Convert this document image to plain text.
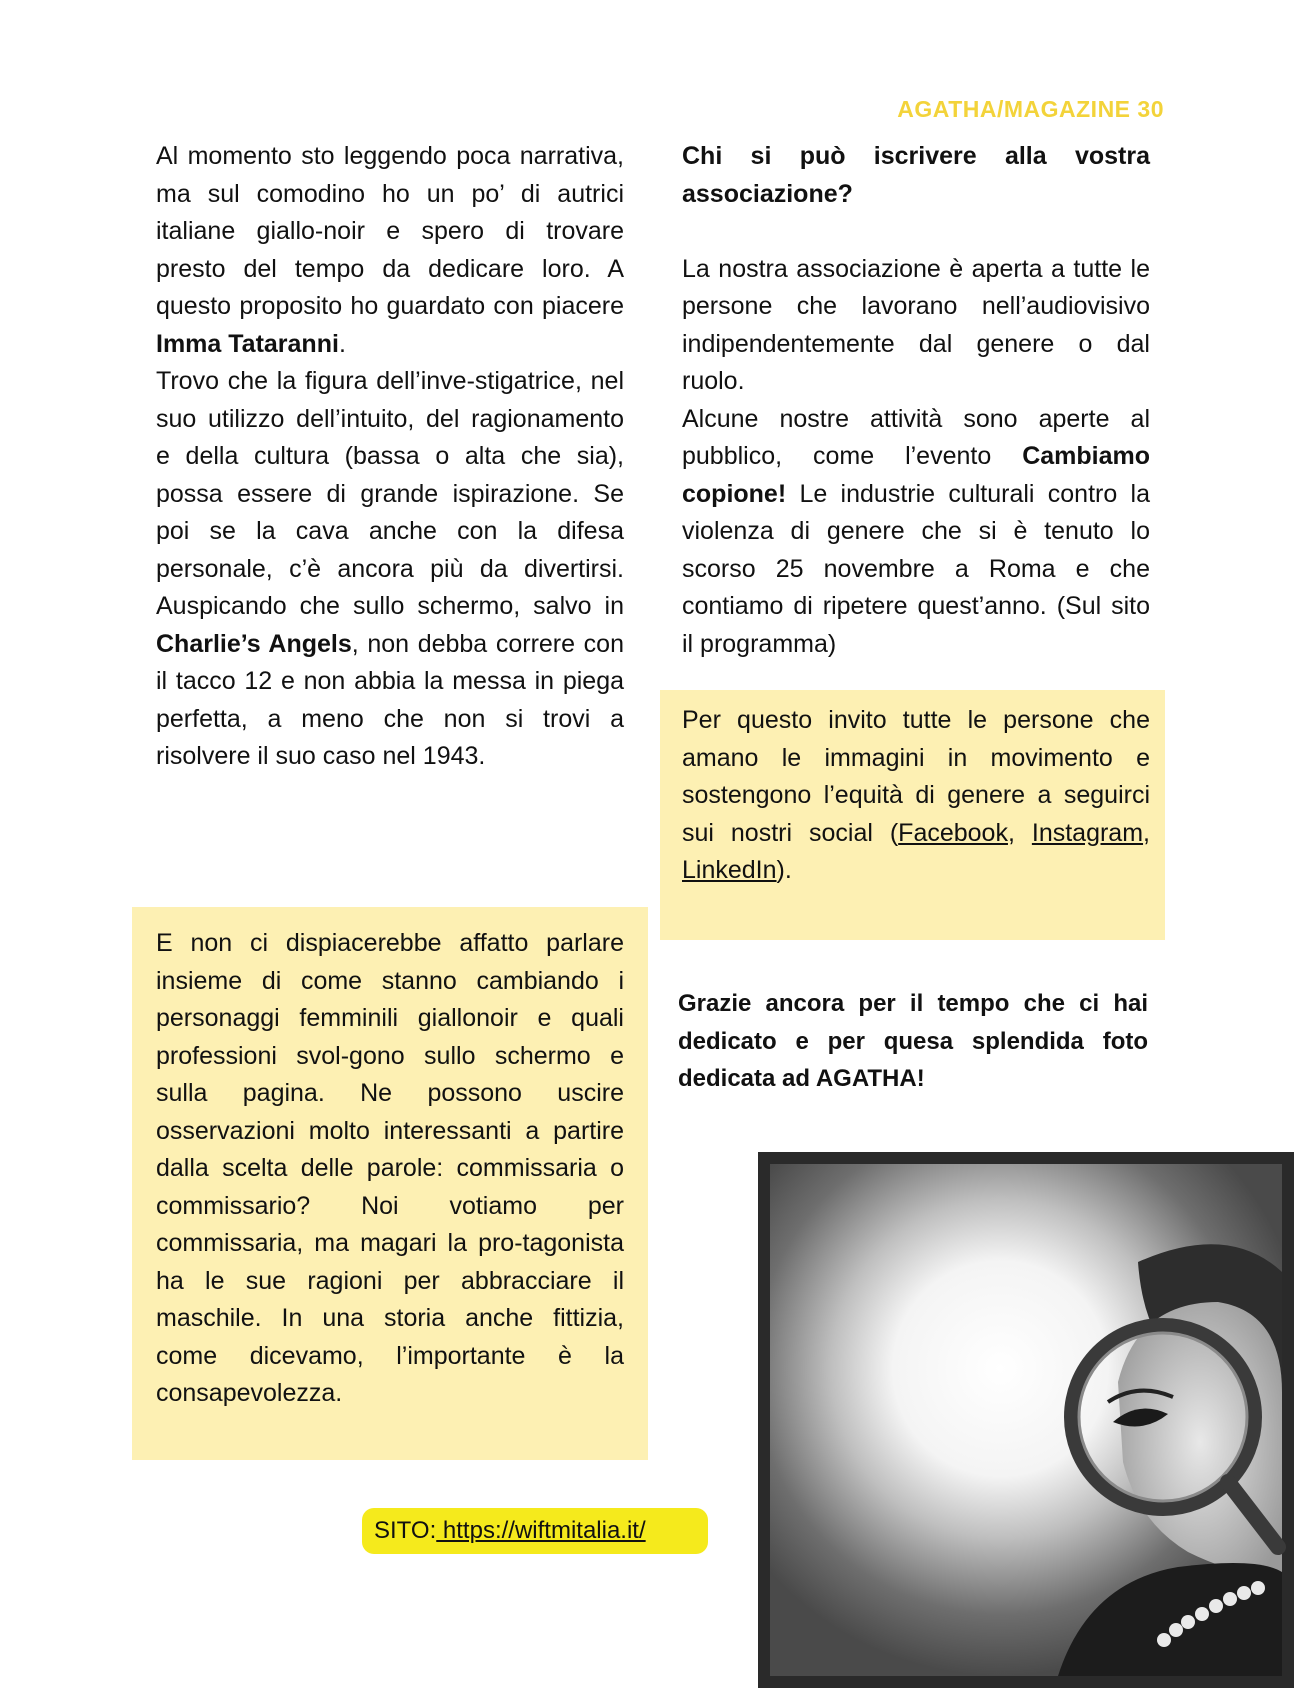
AGATHA/MAGAZINE 30

Al momento sto leggendo poca narrativa, ma sul comodino ho un po’ di autrici italiane giallo-noir e spero di trovare presto del tempo da dedicare loro. A questo proposito ho guardato con piacere Imma Tataranni.

Trovo che la figura dell’inve-stigatrice, nel suo utilizzo dell’intuito, del ragionamento e della cultura (bassa o alta che sia), possa essere di grande ispirazione. Se poi se la cava anche con la difesa personale, c’è ancora più da divertirsi. Auspicando che sullo schermo, salvo in Charlie’s Angels, non debba correre con il tacco 12 e non abbia la messa in piega perfetta, a meno che non si trovi a risolvere il suo caso nel 1943.

E non ci dispiacerebbe affatto parlare insieme di come stanno cambiando i personaggi femminili giallonoir e quali professioni svol-gono sullo schermo e sulla pagina. Ne possono uscire osservazioni molto interessanti a partire dalla scelta delle parole: commissaria o commissario? Noi votiamo per commissaria, ma magari la pro-tagonista ha le sue ragioni per abbracciare il maschile. In una storia anche fittizia, come dicevamo, l’importante è la consapevolezza.

Chi si può iscrivere alla vostra associazione?

La nostra associazione è aperta a tutte le persone che lavorano nell’audiovisivo indipendentemente dal genere o dal ruolo.

Alcune nostre attività sono aperte al pubblico, come l’evento Cambiamo copione! Le industrie culturali contro la violenza di genere che si è tenuto lo scorso 25 novembre a Roma e che contiamo di ripetere quest’anno. (Sul sito il programma)

Per questo invito tutte le persone che amano le immagini in movimento e sostengono l’equità di genere a seguirci sui nostri social (Facebook, Instagram, LinkedIn).

Grazie ancora per il tempo che ci hai dedicato e per quesa splendida foto dedicata ad AGATHA!
SITO: https://wiftmitalia.it/
